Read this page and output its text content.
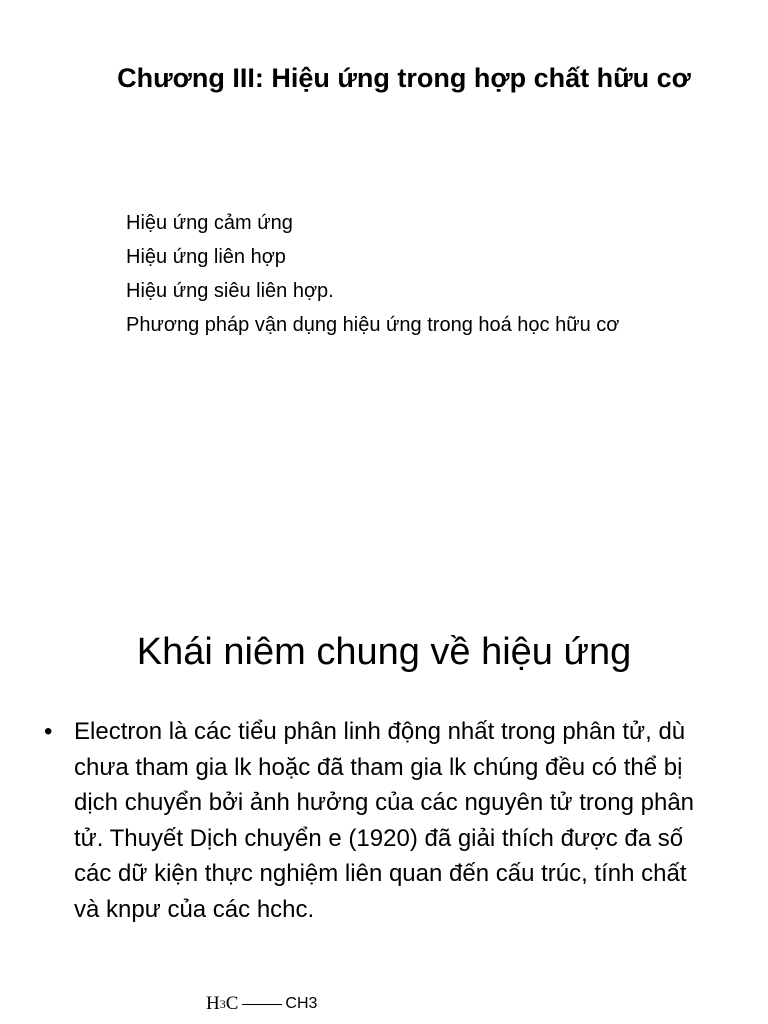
Chương III: Hiệu ứng trong hợp chất hữu cơ
Hiệu ứng cảm ứng
Hiệu ứng liên hợp
Hiệu ứng siêu liên hợp.
Phương pháp vận dụng hiệu ứng trong hoá học hữu cơ
Khái niêm chung về hiệu ứng
• Electron là các tiểu phân linh động nhất trong phân tử, dù chưa tham gia lk hoặc đã tham gia lk chúng đều có thể bị dịch chuyển bởi ảnh hưởng của các nguyên tử trong phân tử. Thuyết Dịch chuyển e (1920) đã giải thích được đa số các dữ kiện thực nghiệm liên quan đến cấu trúc, tính chất và knpư của các hchc.

H 3 C	CH 3
